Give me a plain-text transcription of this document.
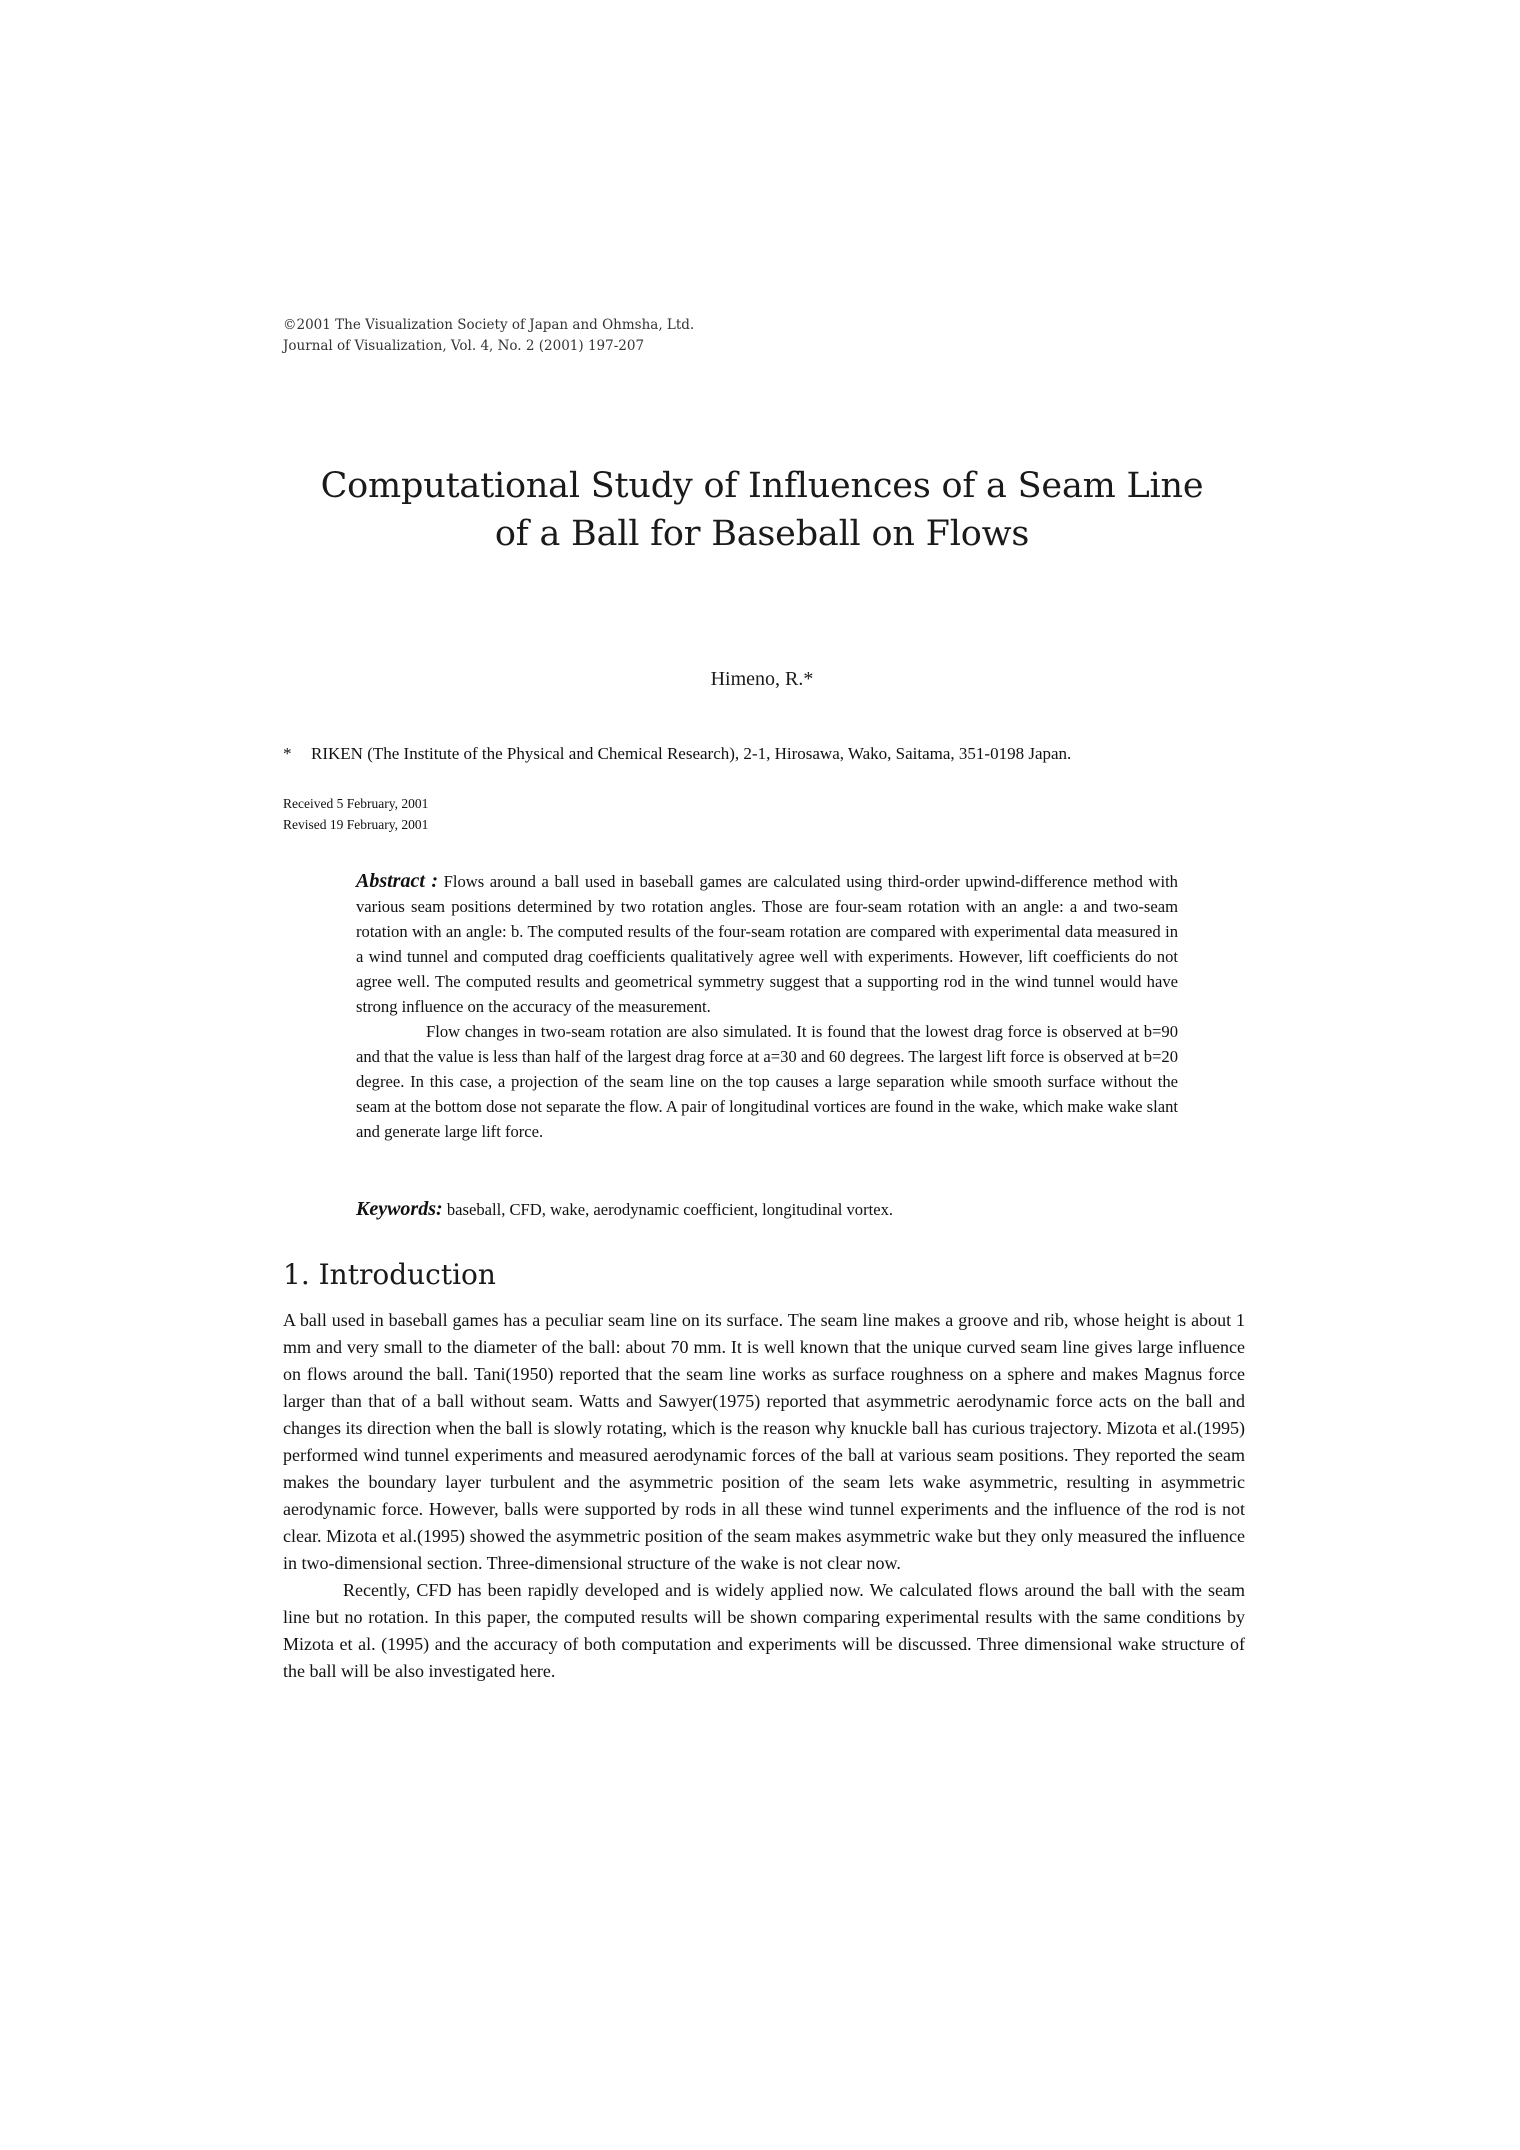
©2001 The Visualization Society of Japan and Ohmsha, Ltd.
Journal of Visualization, Vol. 4, No. 2 (2001) 197-207
Computational Study of Influences of a Seam Line
of a Ball for Baseball on Flows
Himeno, R.*
* RIKEN (The Institute of the Physical and Chemical Research), 2-1, Hirosawa, Wako, Saitama, 351-0198 Japan.
Received 5 February, 2001
Revised 19 February, 2001

Abstract : Flows around a ball used in baseball games are calculated using third-order upwind-difference method with various seam positions determined by two rotation angles. Those are four-seam rotation with an angle: a and two-seam rotation with an angle: b. The computed results of the four-seam rotation are compared with experimental data measured in a wind tunnel and computed drag coefficients qualitatively agree well with experiments. However, lift coefficients do not agree well. The computed results and geometrical symmetry suggest that a supporting rod in the wind tunnel would have strong influence on the accuracy of the measurement.

Flow changes in two-seam rotation are also simulated. It is found that the lowest drag force is observed at b=90 and that the value is less than half of the largest drag force at a=30 and 60 degrees. The largest lift force is observed at b=20 degree. In this case, a projection of the seam line on the top causes a large separation while smooth surface without the seam at the bottom dose not separate the flow. A pair of longitudinal vortices are found in the wake, which make wake slant and generate large lift force.

Keywords: baseball, CFD, wake, aerodynamic coefficient, longitudinal vortex.
1. Introduction

A ball used in baseball games has a peculiar seam line on its surface. The seam line makes a groove and rib, whose height is about 1 mm and very small to the diameter of the ball: about 70 mm. It is well known that the unique curved seam line gives large influence on flows around the ball. Tani(1950) reported that the seam line works as surface roughness on a sphere and makes Magnus force larger than that of a ball without seam. Watts and Sawyer(1975) reported that asymmetric aerodynamic force acts on the ball and changes its direction when the ball is slowly rotating, which is the reason why knuckle ball has curious trajectory. Mizota et al.(1995) performed wind tunnel experiments and measured aerodynamic forces of the ball at various seam positions. They reported the seam makes the boundary layer turbulent and the asymmetric position of the seam lets wake asymmetric, resulting in asymmetric aerodynamic force. However, balls were supported by rods in all these wind tunnel experiments and the influence of the rod is not clear. Mizota et al.(1995) showed the asymmetric position of the seam makes asymmetric wake but they only measured the influence in two-dimensional section. Three-dimensional structure of the wake is not clear now.

Recently, CFD has been rapidly developed and is widely applied now. We calculated flows around the ball with the seam line but no rotation. In this paper, the computed results will be shown comparing experimental results with the same conditions by Mizota et al. (1995) and the accuracy of both computation and experiments will be discussed. Three dimensional wake structure of the ball will be also investigated here.
